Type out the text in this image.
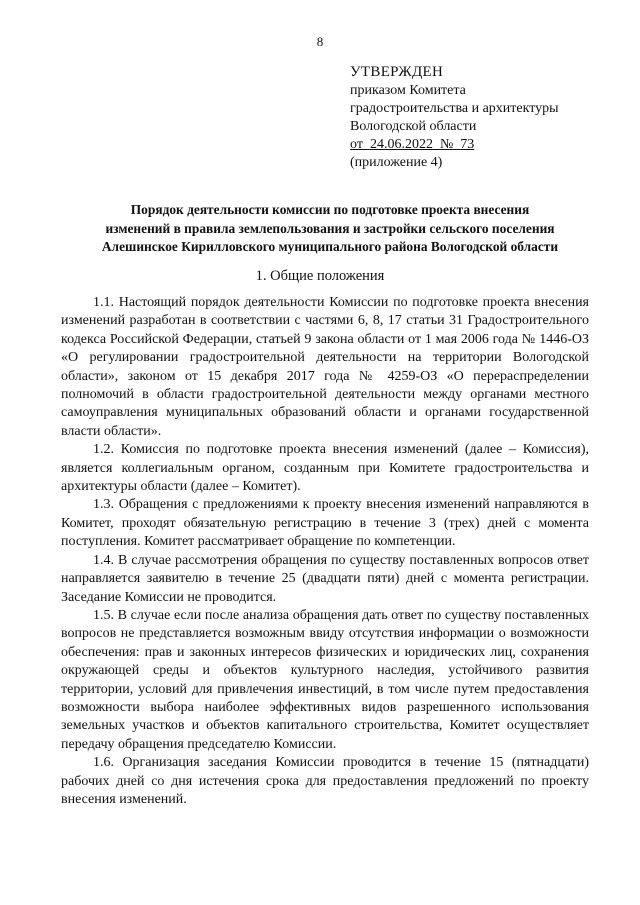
8
УТВЕРЖДЕН
приказом Комитета
градостроительства и архитектуры
Вологодской области
от 24.06.2022 № 73
(приложение 4)
Порядок деятельности комиссии по подготовке проекта внесения
изменений в правила землепользования и застройки сельского поселения
Алешинское Кирилловского муниципального района Вологодской области
1. Общие положения

1.1. Настоящий порядок деятельности Комиссии по подготовке проекта внесения изменений разработан в соответствии с частями 6, 8, 17 статьи 31 Градостроительного кодекса Российской Федерации, статьей 9 закона области от 1 мая 2006 года № 1446-ОЗ «О регулировании градостроительной деятельности на территории Вологодской области», законом от 15 декабря 2017 года № 4259-ОЗ «О перераспределении полномочий в области градостроительной деятельности между органами местного самоуправления муниципальных образований области и органами государственной власти области».

1.2. Комиссия по подготовке проекта внесения изменений (далее – Комиссия), является коллегиальным органом, созданным при Комитете градостроительства и архитектуры области (далее – Комитет).

1.3. Обращения с предложениями к проекту внесения изменений направляются в Комитет, проходят обязательную регистрацию в течение 3 (трех) дней с момента поступления. Комитет рассматривает обращение по компетенции.

1.4. В случае рассмотрения обращения по существу поставленных вопросов ответ направляется заявителю в течение 25 (двадцати пяти) дней с момента регистрации. Заседание Комиссии не проводится.

1.5. В случае если после анализа обращения дать ответ по существу поставленных вопросов не представляется возможным ввиду отсутствия информации о возможности обеспечения: прав и законных интересов физических и юридических лиц, сохранения окружающей среды и объектов культурного наследия, устойчивого развития территории, условий для привлечения инвестиций, в том числе путем предоставления возможности выбора наиболее эффективных видов разрешенного использования земельных участков и объектов капитального строительства, Комитет осуществляет передачу обращения председателю Комиссии.

1.6. Организация заседания Комиссии проводится в течение 15 (пятнадцати) рабочих дней со дня истечения срока для предоставления предложений по проекту внесения изменений.
